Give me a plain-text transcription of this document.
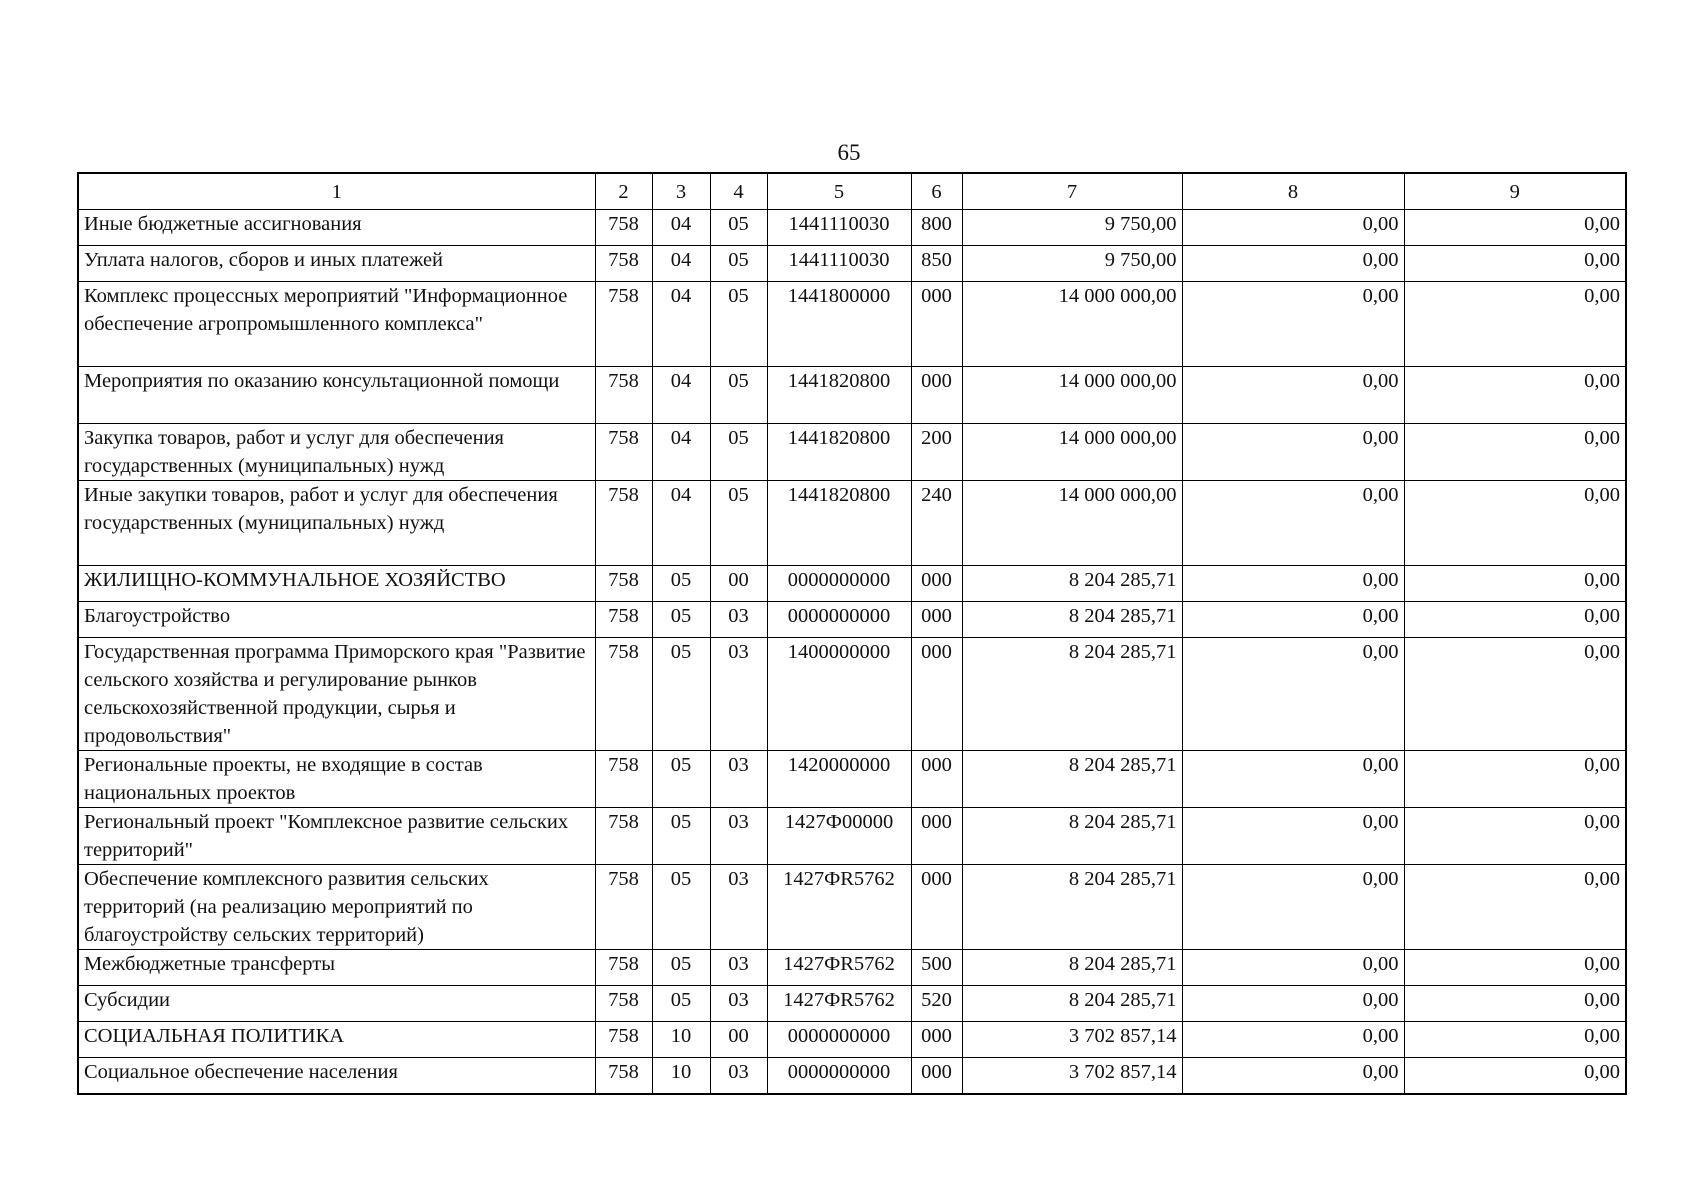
65
1	2	3	4	5	6	7	8	9
Иные бюджетные ассигнования	758	04	05	1441110030	800	9 750,00	0,00	0,00
Уплата налогов, сборов и иных платежей	758	04	05	1441110030	850	9 750,00	0,00	0,00
Комплекс процессных мероприятий "Информационное обеспечение агропромышленного комплекса"	758	04	05	1441800000	000	14 000 000,00	0,00	0,00
Мероприятия по оказанию консультационной помощи	758	04	05	1441820800	000	14 000 000,00	0,00	0,00
Закупка товаров, работ и услуг для обеспечения государственных (муниципальных) нужд	758	04	05	1441820800	200	14 000 000,00	0,00	0,00
Иные закупки товаров, работ и услуг для обеспечения государственных (муниципальных) нужд	758	04	05	1441820800	240	14 000 000,00	0,00	0,00
ЖИЛИЩНО-КОММУНАЛЬНОЕ ХОЗЯЙСТВО	758	05	00	0000000000	000	8 204 285,71	0,00	0,00
Благоустройство	758	05	03	0000000000	000	8 204 285,71	0,00	0,00
Государственная программа Приморского края "Развитие сельского хозяйства и регулирование рынков сельскохозяйственной продукции, сырья и продовольствия"	758	05	03	1400000000	000	8 204 285,71	0,00	0,00
Региональные проекты, не входящие в состав национальных проектов	758	05	03	1420000000	000	8 204 285,71	0,00	0,00
Региональный проект "Комплексное развитие сельских территорий"	758	05	03	1427Ф00000	000	8 204 285,71	0,00	0,00
Обеспечение комплексного развития сельских территорий (на реализацию мероприятий по благоустройству сельских территорий)	758	05	03	1427ФR5762	000	8 204 285,71	0,00	0,00
Межбюджетные трансферты	758	05	03	1427ФR5762	500	8 204 285,71	0,00	0,00
Субсидии	758	05	03	1427ФR5762	520	8 204 285,71	0,00	0,00
СОЦИАЛЬНАЯ ПОЛИТИКА	758	10	00	0000000000	000	3 702 857,14	0,00	0,00
Социальное обеспечение населения	758	10	03	0000000000	000	3 702 857,14	0,00	0,00
